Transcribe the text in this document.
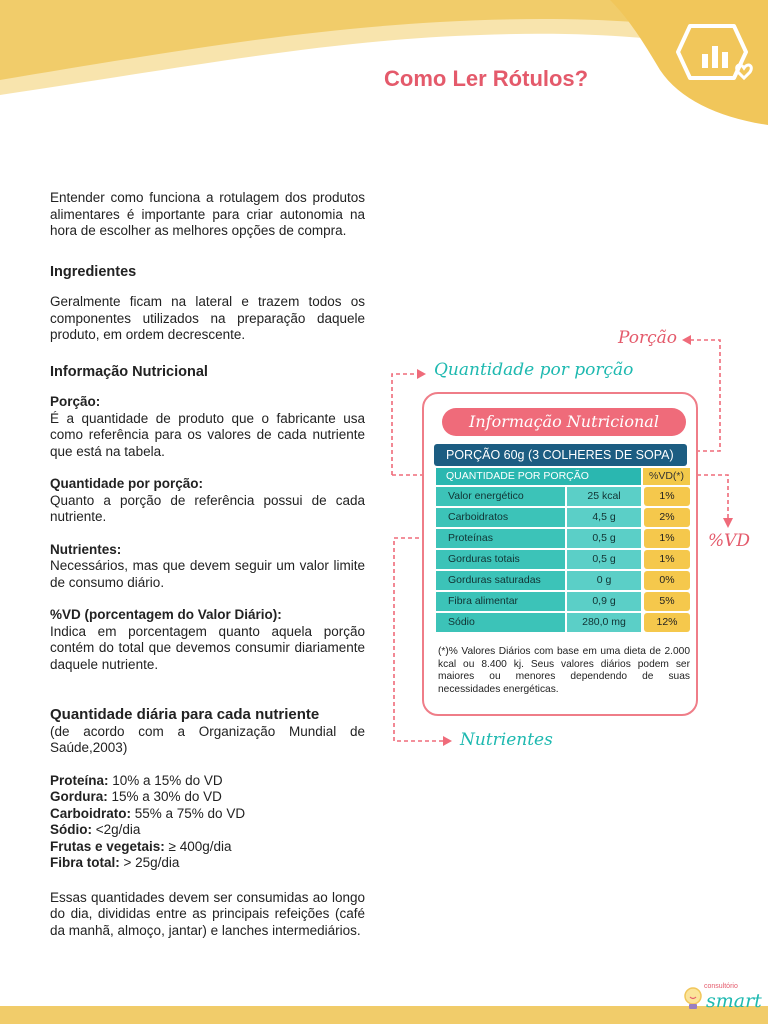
Como Ler Rótulos?

Entender como funciona a rotulagem dos produtos alimentares é importante para criar autonomia na hora de escolher as melhores opções de compra.

Ingredientes

Geralmente ficam na lateral e trazem todos os componentes utilizados na preparação daquele produto, em ordem decrescente.

Informação Nutricional
Porção:

É a quantidade de produto que o fabricante usa como referência para os valores de cada nutriente que está na tabela.

Quantidade por porção:

Quanto a porção de referência possui de cada nutriente.

Nutrientes:

Necessários, mas que devem seguir um valor limite de consumo diário.

%VD (porcentagem do Valor Diário):

Indica em porcentagem quanto aquela porção contém do total que devemos consumir diariamente daquele nutriente.

Quantidade diária para cada nutriente

(de acordo com a Organização Mundial de Saúde,2003)

Proteína: 10% a 15% do VD
Gordura: 15% a 30% do VD
Carboidrato: 55% a 75% do VD
Sódio: <2g/dia
Frutas e vegetais: ≥ 400g/dia
Fibra total: > 25g/dia

Essas quantidades devem ser consumidas ao longo do dia, divididas entre as principais refeições (café da manhã, almoço, jantar) e lanches intermediários.

Porção
Quantidade por porção
%VD
Nutrientes
Informação Nutricional
PORÇÃO 60g (3 COLHERES DE SOPA)
QUANTIDADE POR PORÇÃO	%VD(*)
Valor energético	25 kcal	1%
Carboidratos	4,5 g	2%
Proteínas	0,5 g	1%
Gorduras totais	0,5 g	1%
Gorduras saturadas	0 g	0%
Fibra alimentar	0,9 g	5%
Sódio	280,0 mg	12%

(*)% Valores Diários com base em uma dieta de 2.000 kcal ou 8.400 kj. Seus valores diários podem ser maiores ou menores dependendo de suas necessidades energéticas.

consultório
smart
